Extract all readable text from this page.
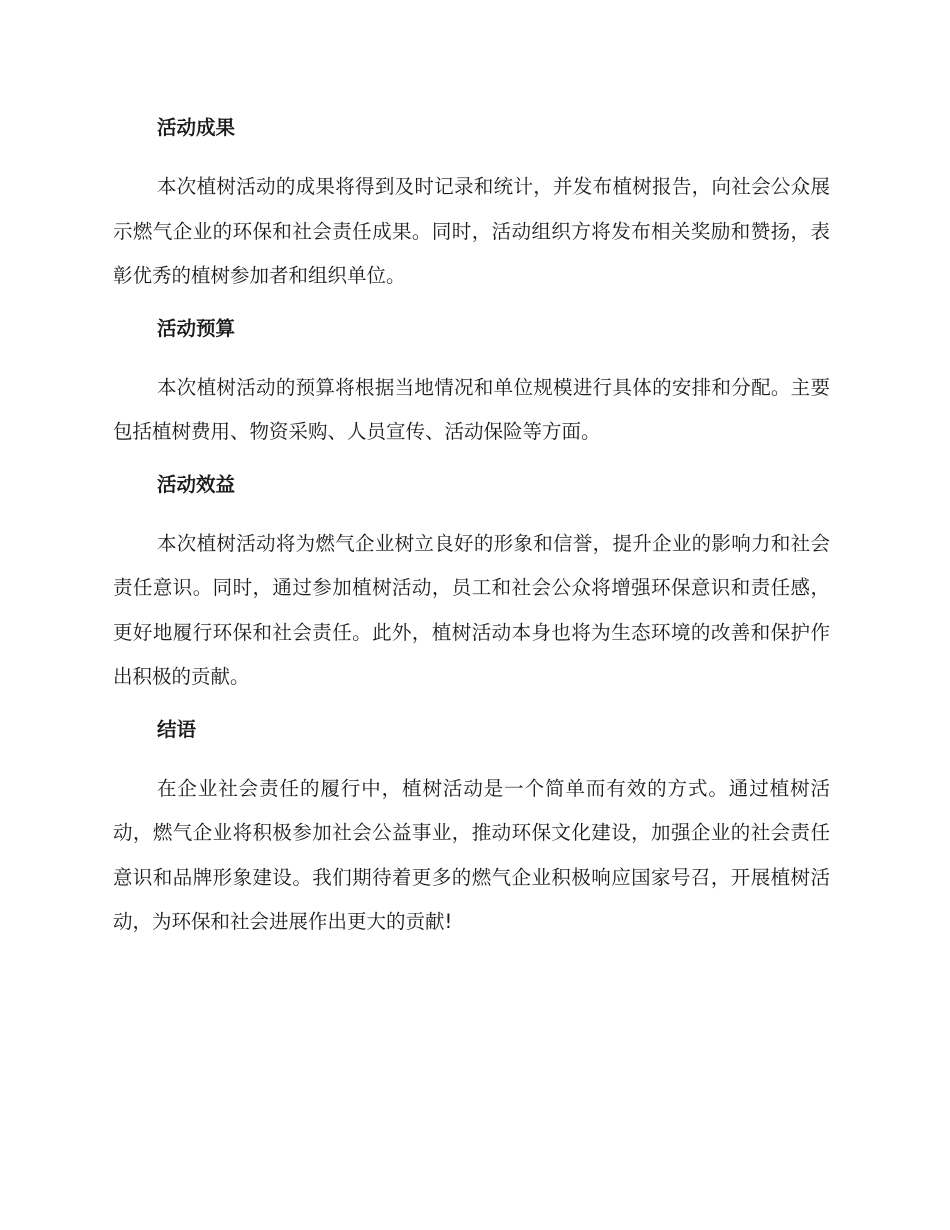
活动成果

本次植树活动的成果将得到及时记录和统计，并发布植树报告，向社会公众展示燃气企业的环保和社会责任成果。同时，活动组织方将发布相关奖励和赞扬，表彰优秀的植树参加者和组织单位。

活动预算

本次植树活动的预算将根据当地情况和单位规模进行具体的安排和分配。主要包括植树费用、物资采购、人员宣传、活动保险等方面。

活动效益

本次植树活动将为燃气企业树立良好的形象和信誉，提升企业的影响力和社会责任意识。同时，通过参加植树活动，员工和社会公众将增强环保意识和责任感，更好地履行环保和社会责任。此外，植树活动本身也将为生态环境的改善和保护作出积极的贡献。

结语

在企业社会责任的履行中，植树活动是一个简单而有效的方式。通过植树活动，燃气企业将积极参加社会公益事业，推动环保文化建设，加强企业的社会责任意识和品牌形象建设。我们期待着更多的燃气企业积极响应国家号召，开展植树活动，为环保和社会进展作出更大的贡献!
